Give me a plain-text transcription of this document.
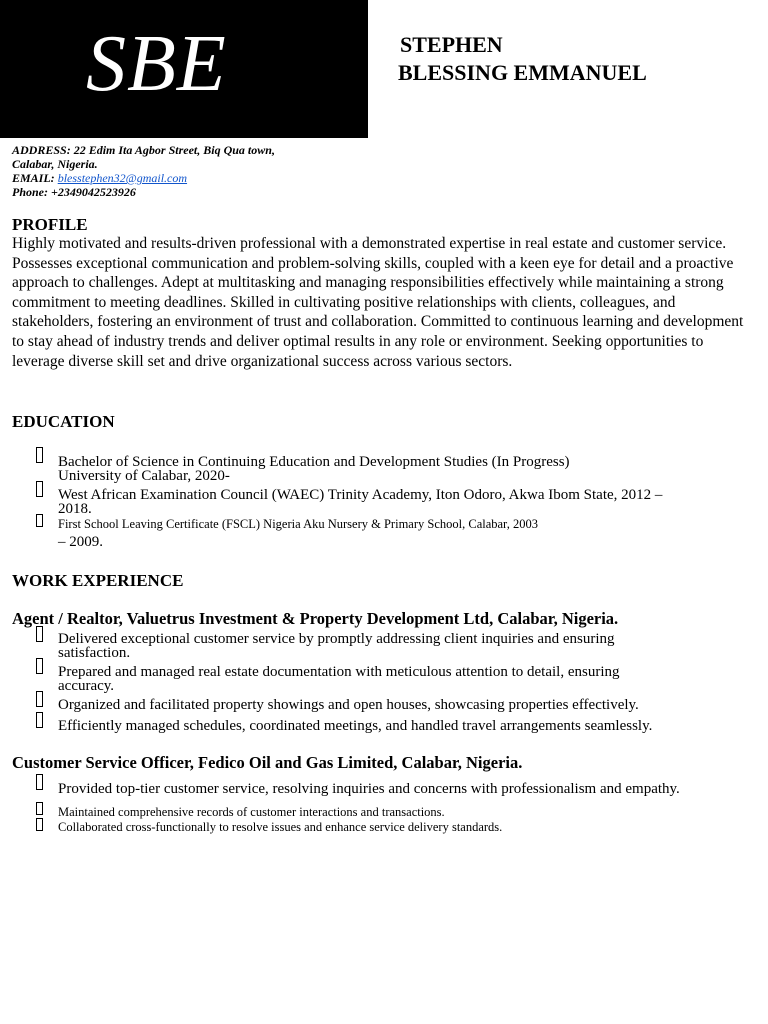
SBE	STEPHEN
BLESSING EMMANUEL
ADDRESS: 22 Edim Ita Agbor Street, Biq Qua town,
Calabar, Nigeria.
EMAIL: blesstephen32@gmail.com
Phone: +2349042523926
PROFILE
Highly motivated and results-driven professional with a demonstrated expertise in real estate and customer service. Possesses exceptional communication and problem-solving skills, coupled with a keen eye for detail and a proactive approach to challenges. Adept at multitasking and managing responsibilities effectively while maintaining a strong commitment to meeting deadlines. Skilled in cultivating positive relationships with clients, colleagues, and stakeholders, fostering an environment of trust and collaboration. Committed to continuous learning and development to stay ahead of industry trends and deliver optimal results in any role or environment. Seeking opportunities to leverage diverse skill set and drive organizational success across various sectors.
EDUCATION
Bachelor of Science in Continuing Education and Development Studies (In Progress)
University of Calabar, 2020-
West African Examination Council (WAEC) Trinity Academy, Iton Odoro, Akwa Ibom State, 2012 –
2018.
First School Leaving Certificate (FSCL) Nigeria Aku Nursery & Primary School, Calabar, 2003
– 2009.
WORK EXPERIENCE
Agent / Realtor, Valuetrus Investment & Property Development Ltd, Calabar, Nigeria.
Delivered exceptional customer service by promptly addressing client inquiries and ensuring
satisfaction.
Prepared and managed real estate documentation with meticulous attention to detail, ensuring
accuracy.
Organized and facilitated property showings and open houses, showcasing properties effectively.
Efficiently managed schedules, coordinated meetings, and handled travel arrangements seamlessly.
Customer Service Officer, Fedico Oil and Gas Limited, Calabar, Nigeria.
Provided top-tier customer service, resolving inquiries and concerns with professionalism and empathy.
Maintained comprehensive records of customer interactions and transactions.
Collaborated cross-functionally to resolve issues and enhance service delivery standards.
